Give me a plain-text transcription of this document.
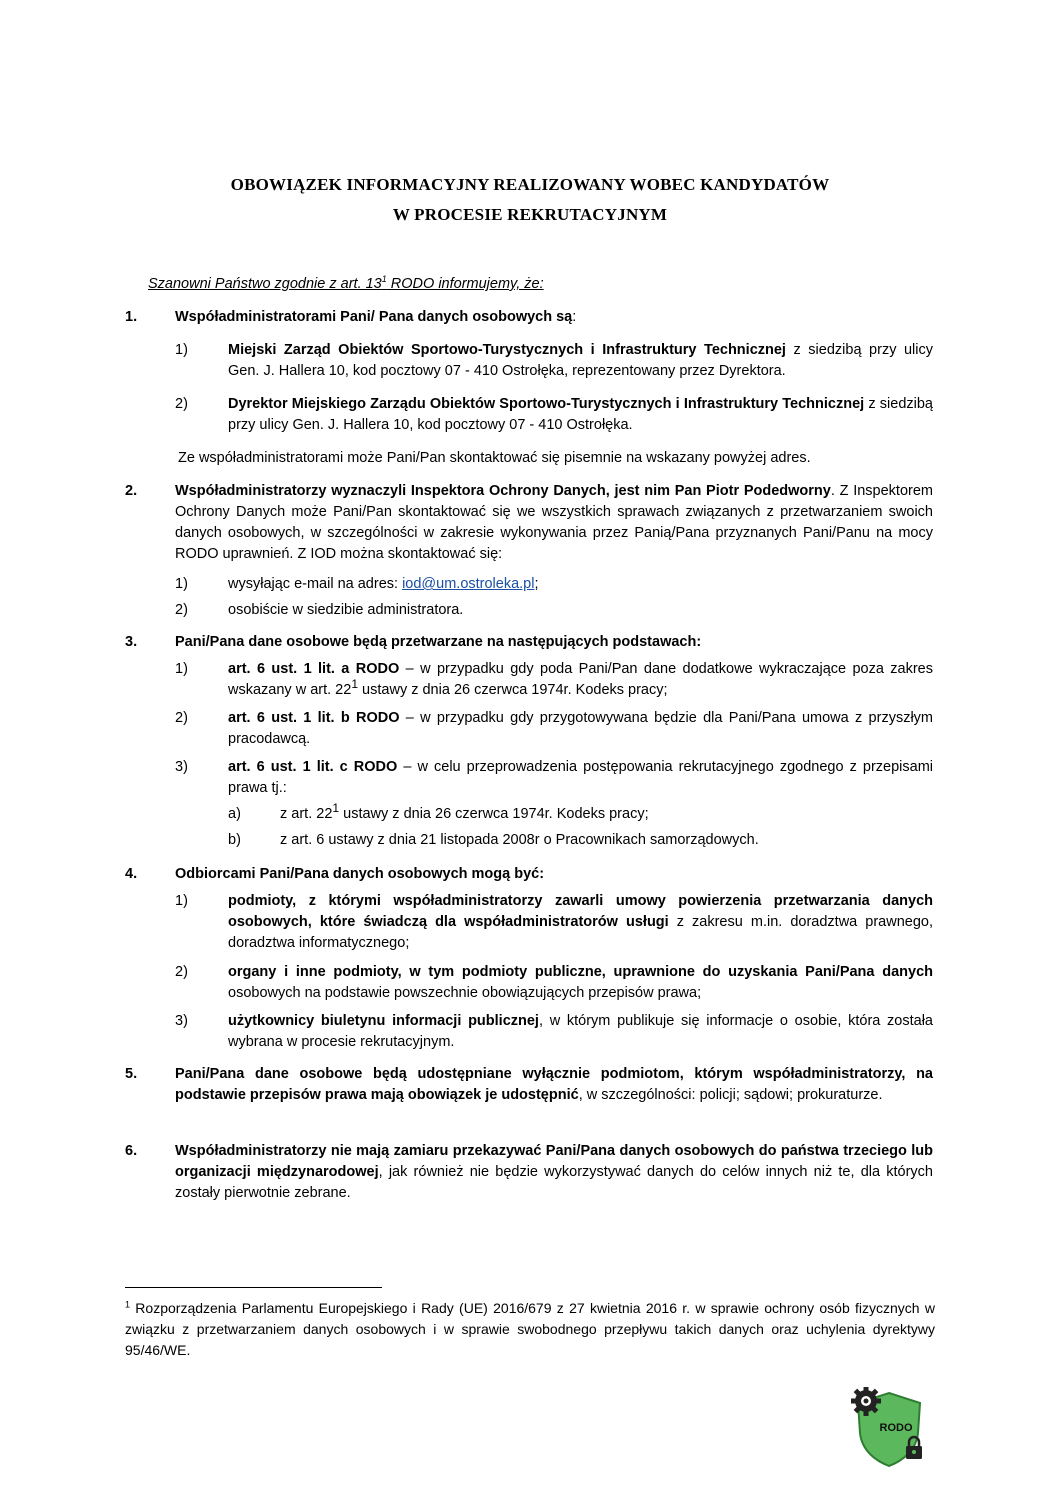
OBOWIĄZEK INFORMACYJNY REALIZOWANY WOBEC KANDYDATÓW
W PROCESIE REKRUTACYJNYM
Szanowni Państwo zgodnie z art. $13^1$ RODO informujemy, że:
1.	Współadministratorami Pani/ Pana danych osobowych są:
1)	Miejski Zarząd Obiektów Sportowo-Turystycznych i Infrastruktury Technicznej z siedzibą przy ulicy Gen. J. Hallera 10, kod pocztowy 07 - 410 Ostrołęka, reprezentowany przez Dyrektora.
2)	Dyrektor Miejskiego Zarządu Obiektów Sportowo-Turystycznych i Infrastruktury Technicznej z siedzibą przy ulicy Gen. J. Hallera 10, kod pocztowy 07 - 410 Ostrołęka.
Ze współadministratorami może Pani/Pan skontaktować się pisemnie na wskazany powyżej adres.
2.	Współadministratorzy wyznaczyli Inspektora Ochrony Danych, jest nim Pan Piotr Podedworny. Z Inspektorem Ochrony Danych może Pani/Pan skontaktować się we wszystkich sprawach związanych z przetwarzaniem swoich danych osobowych, w szczególności w zakresie wykonywania przez Panią/Pana przyznanych Pani/Panu na mocy RODO uprawnień. Z IOD można skontaktować się:
1)	wysyłając e-mail na adres: iod@um.ostroleka.pl;
2)	osobiście w siedzibie administratora.
3.	Pani/Pana dane osobowe będą przetwarzane na następujących podstawach:
1)	art. 6 ust. 1 lit. a RODO – w przypadku gdy poda Pani/Pan dane dodatkowe wykraczające poza zakres wskazany w art. $22^1$ ustawy z dnia 26 czerwca 1974r. Kodeks pracy;
2)	art. 6 ust. 1 lit. b RODO – w przypadku gdy przygotowywana będzie dla Pani/Pana umowa z przyszłym pracodawcą.
3)	art. 6 ust. 1 lit. c RODO – w celu przeprowadzenia postępowania rekrutacyjnego zgodnego z przepisami prawa tj.:
a)	z art. $22^1$ ustawy z dnia 26 czerwca 1974r. Kodeks pracy;
b)	z art. 6 ustawy z dnia 21 listopada 2008r o Pracownikach samorządowych.
4.	Odbiorcami Pani/Pana danych osobowych mogą być:
1)	podmioty, z którymi współadministratorzy zawarli umowy powierzenia przetwarzania danych osobowych, które świadczą dla współadministratorów usługi z zakresu m.in. doradztwa prawnego, doradztwa informatycznego;
2)	organy i inne podmioty, w tym podmioty publiczne, uprawnione do uzyskania Pani/Pana danych osobowych na podstawie powszechnie obowiązujących przepisów prawa;
3)	użytkownicy biuletynu informacji publicznej, w którym publikuje się informacje o osobie, która została wybrana w procesie rekrutacyjnym.
5.	Pani/Pana dane osobowe będą udostępniane wyłącznie podmiotom, którym współadministratorzy, na podstawie przepisów prawa mają obowiązek je udostępnić, w szczególności: policji; sądowi; prokuraturze.
6.	Współadministratorzy nie mają zamiaru przekazywać Pani/Pana danych osobowych do państwa trzeciego lub organizacji międzynarodowej, jak również nie będzie wykorzystywać danych do celów innych niż te, dla których zostały pierwotnie zebrane.
$^1$ Rozporządzenia Parlamentu Europejskiego i Rady (UE) 2016/679 z 27 kwietnia 2016 r. w sprawie ochrony osób fizycznych w związku z przetwarzaniem danych osobowych i w sprawie swobodnego przepływu takich danych oraz uchylenia dyrektywy 95/46/WE.
RODO
